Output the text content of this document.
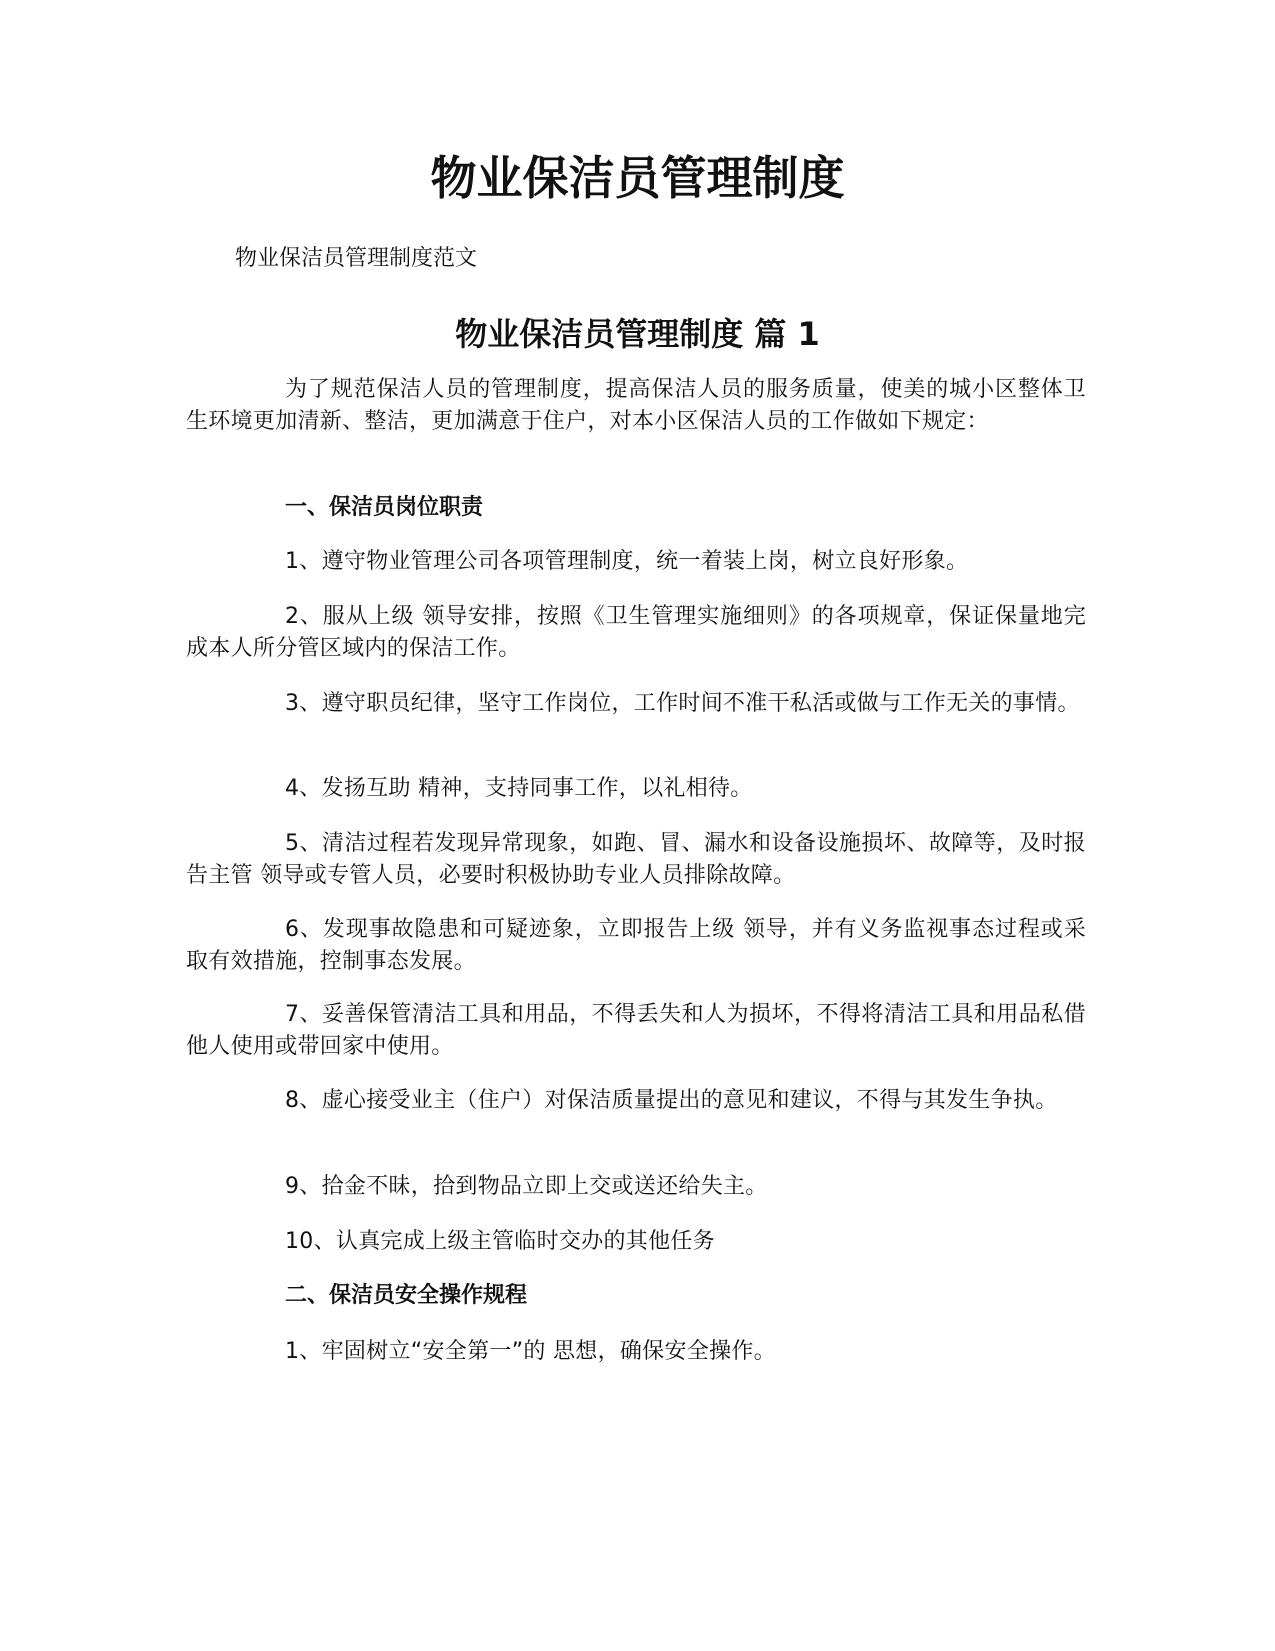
物业保洁员管理制度

物业保洁员管理制度范文

物业保洁员管理制度 篇 1

为了规范保洁人员的管理制度，提高保洁人员的服务质量，使美的城小区整体卫生环境更加清新、整洁，更加满意于住户，对本小区保洁人员的工作做如下规定：

一、保洁员岗位职责

1、遵守物业管理公司各项管理制度，统一着装上岗，树立良好形象。

2、服从上级 领导安排，按照《卫生管理实施细则》的各项规章，保证保量地完成本人所分管区域内的保洁工作。

3、遵守职员纪律，坚守工作岗位，工作时间不准干私活或做与工作无关的事情。

4、发扬互助 精神，支持同事工作，以礼相待。

5、清洁过程若发现异常现象，如跑、冒、漏水和设备设施损坏、故障等，及时报告主管 领导或专管人员，必要时积极协助专业人员排除故障。

6、发现事故隐患和可疑迹象，立即报告上级 领导，并有义务监视事态过程或采取有效措施，控制事态发展。

7、妥善保管清洁工具和用品，不得丢失和人为损坏，不得将清洁工具和用品私借他人使用或带回家中使用。

8、虚心接受业主（住户）对保洁质量提出的意见和建议，不得与其发生争执。

9、拾金不昧，拾到物品立即上交或送还给失主。

10、认真完成上级主管临时交办的其他任务

二、保洁员安全操作规程

1、牢固树立“安全第一”的 思想，确保安全操作。
